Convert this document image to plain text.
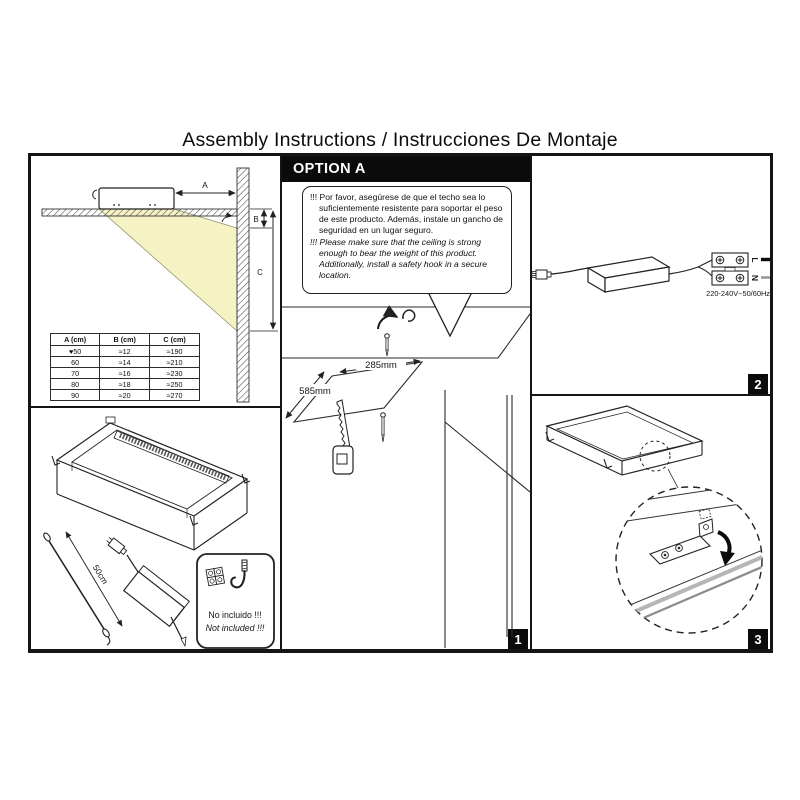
Assembly Instructions / Instrucciones De Montaje
A
B
C
A (cm)	B (cm)	C (cm)
♥50	≈12	≈190
60	≈14	≈210
70	≈16	≈230
80	≈18	≈250
90	≈20	≈270
OPTION A
285mm
585mm

!!! Por favor, asegúrese de que el techo sea lo suficientemente resistente para soportar el peso de este producto. Además, instale un gancho de seguridad en un lugar seguro.

!!! Please make sure that the ceiling is strong enough to bear the weight of this product. Additionally, install a safety hook in a secure location.

1
L
N
220-240V~50/60Hz
2
50cm
No incluido !!!
Not included !!!
3
